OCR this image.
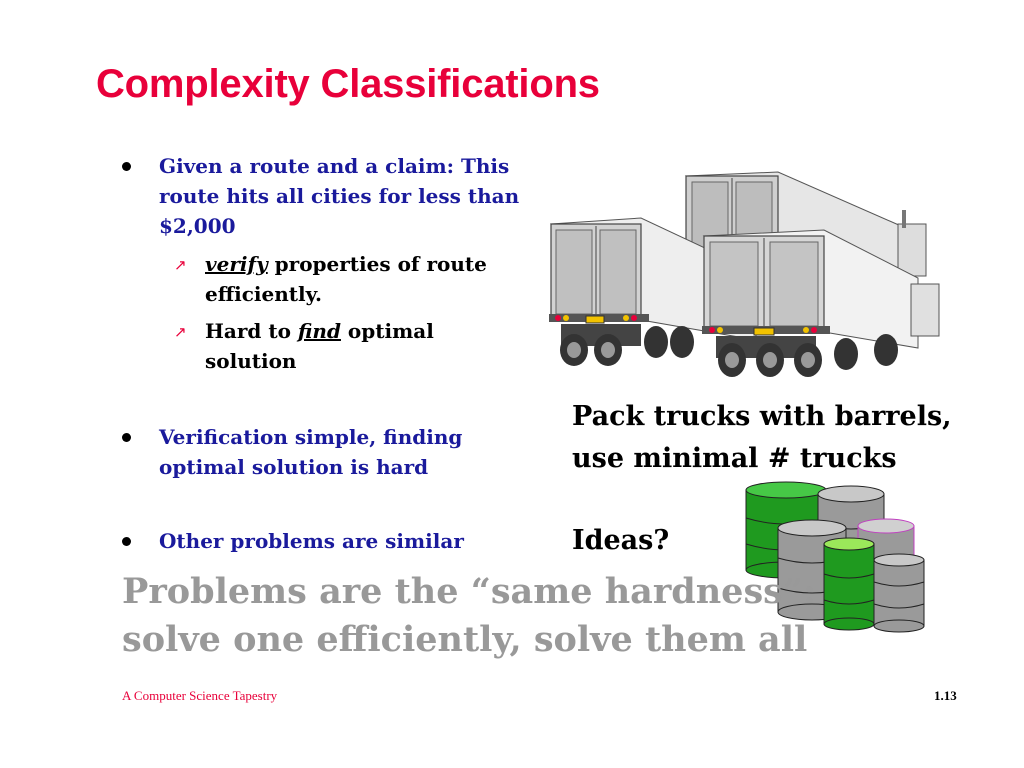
Complexity Classifications
Given a route and a claim: This route hits all cities for less than $2,000
↗ verify properties of route efficiently.
↗ Hard to find optimal solution
Verification simple, finding optimal solution is hard
Other problems are similar
Pack trucks with barrels,
use minimal # trucks
Ideas?
Problems are the “same hardness”:
solve one efficiently, solve them all
A Computer Science Tapestry	1.13
